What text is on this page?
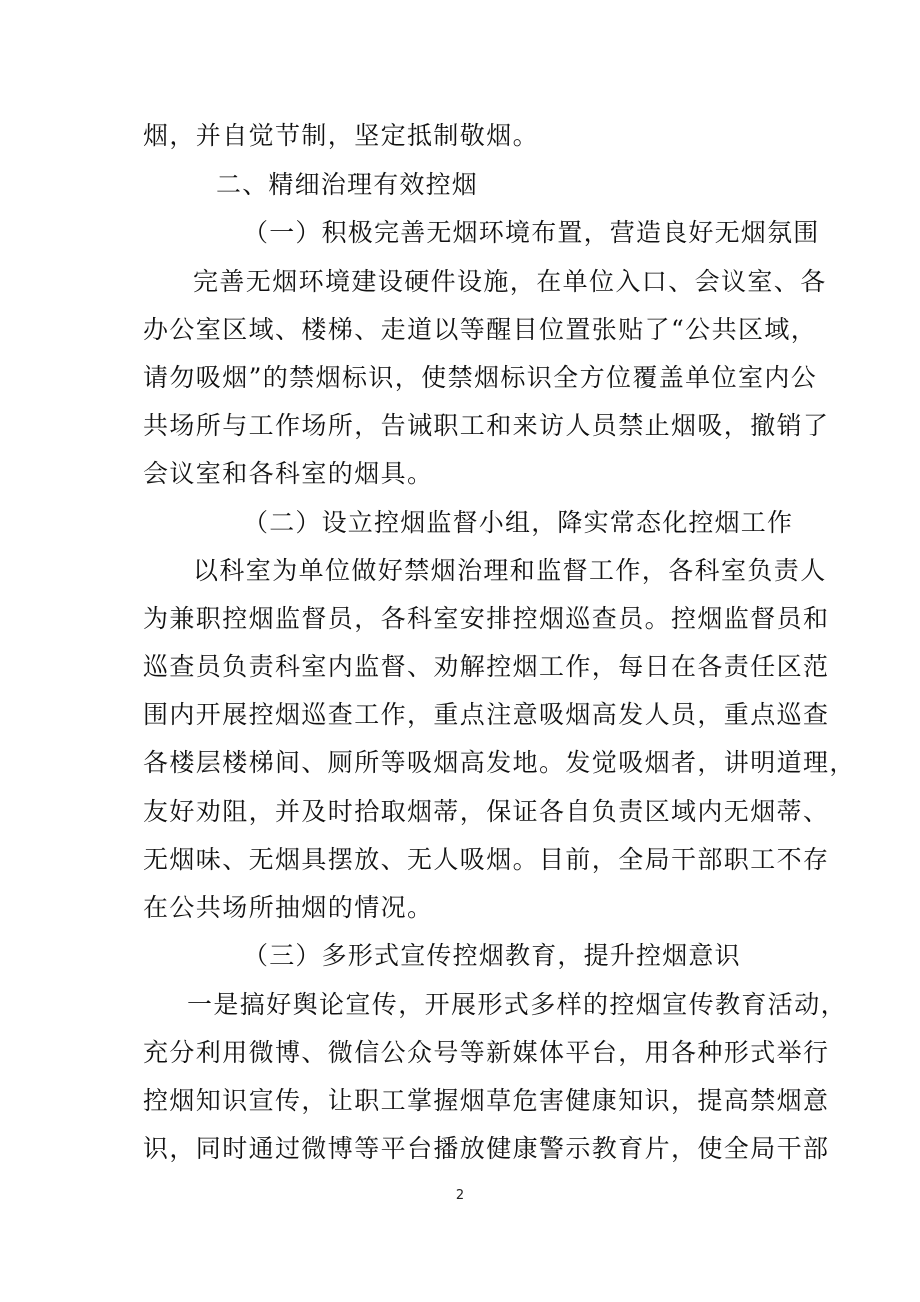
烟，并自觉节制，坚定抵制敬烟。
二、精细治理有效控烟
（一）积极完善无烟环境布置，营造良好无烟氛围
完善无烟环境建设硬件设施，在单位入口、会议室、各
办公室区域、楼梯、走道以等醒目位置张贴了“公共区域，
请勿吸烟”的禁烟标识，使禁烟标识全方位覆盖单位室内公
共场所与工作场所，告诫职工和来访人员禁止烟吸，撤销了
会议室和各科室的烟具。
（二）设立控烟监督小组，降实常态化控烟工作
以科室为单位做好禁烟治理和监督工作，各科室负责人
为兼职控烟监督员，各科室安排控烟巡查员。控烟监督员和
巡查员负责科室内监督、劝解控烟工作，每日在各责任区范
围内开展控烟巡查工作，重点注意吸烟高发人员，重点巡查
各楼层楼梯间、厕所等吸烟高发地。发觉吸烟者，讲明道理，
友好劝阻，并及时拾取烟蒂，保证各自负责区域内无烟蒂、
无烟味、无烟具摆放、无人吸烟。目前，全局干部职工不存
在公共场所抽烟的情况。
（三）多形式宣传控烟教育，提升控烟意识
一是搞好舆论宣传，开展形式多样的控烟宣传教育活动，
充分利用微博、微信公众号等新媒体平台，用各种形式举行
控烟知识宣传，让职工掌握烟草危害健康知识，提高禁烟意
识，同时通过微博等平台播放健康警示教育片，使全局干部
2
